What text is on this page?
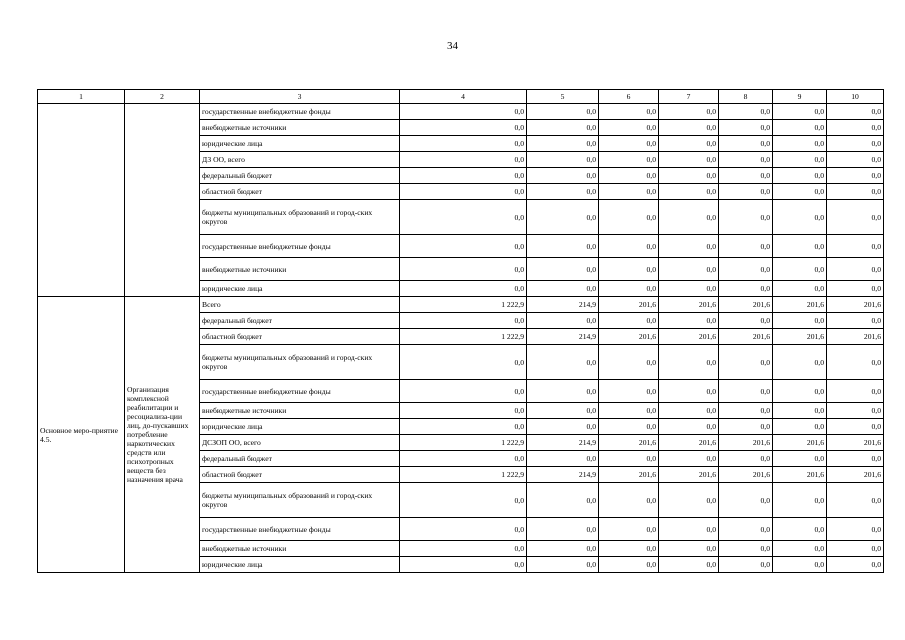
34
1	2	3	4	5	6	7	8	9	10
		государственные внебюджетные фонды	0,0	0,0	0,0	0,0	0,0	0,0	0,0
		внебюджетные источники	0,0	0,0	0,0	0,0	0,0	0,0	0,0
		юридические лица	0,0	0,0	0,0	0,0	0,0	0,0	0,0
		ДЗ ОО, всего	0,0	0,0	0,0	0,0	0,0	0,0	0,0
		федеральный бюджет	0,0	0,0	0,0	0,0	0,0	0,0	0,0
		областной бюджет	0,0	0,0	0,0	0,0	0,0	0,0	0,0
		бюджеты муниципальных образований и город-ских округов	0,0	0,0	0,0	0,0	0,0	0,0	0,0
		государственные внебюджетные фонды	0,0	0,0	0,0	0,0	0,0	0,0	0,0
		внебюджетные источники	0,0	0,0	0,0	0,0	0,0	0,0	0,0
		юридические лица	0,0	0,0	0,0	0,0	0,0	0,0	0,0
Основное меро-приятие 4.5.	Организация комплексной реабилитации и ресоциализа-ции лиц, до-пускавших потребление наркотических средств или психотропных веществ без назначения врача	Всего	1 222,9	214,9	201,6	201,6	201,6	201,6	201,6
		федеральный бюджет	0,0	0,0	0,0	0,0	0,0	0,0	0,0
		областной бюджет	1 222,9	214,9	201,6	201,6	201,6	201,6	201,6
		бюджеты муниципальных образований и город-ских округов	0,0	0,0	0,0	0,0	0,0	0,0	0,0
		государственные внебюджетные фонды	0,0	0,0	0,0	0,0	0,0	0,0	0,0
		внебюджетные источники	0,0	0,0	0,0	0,0	0,0	0,0	0,0
		юридические лица	0,0	0,0	0,0	0,0	0,0	0,0	0,0
		ДСЗОП ОО, всего	1 222,9	214,9	201,6	201,6	201,6	201,6	201,6
		федеральный бюджет	0,0	0,0	0,0	0,0	0,0	0,0	0,0
		областной бюджет	1 222,9	214,9	201,6	201,6	201,6	201,6	201,6
		бюджеты муниципальных образований и город-ских округов	0,0	0,0	0,0	0,0	0,0	0,0	0,0
		государственные внебюджетные фонды	0,0	0,0	0,0	0,0	0,0	0,0	0,0
		внебюджетные источники	0,0	0,0	0,0	0,0	0,0	0,0	0,0
		юридические лица	0,0	0,0	0,0	0,0	0,0	0,0	0,0
